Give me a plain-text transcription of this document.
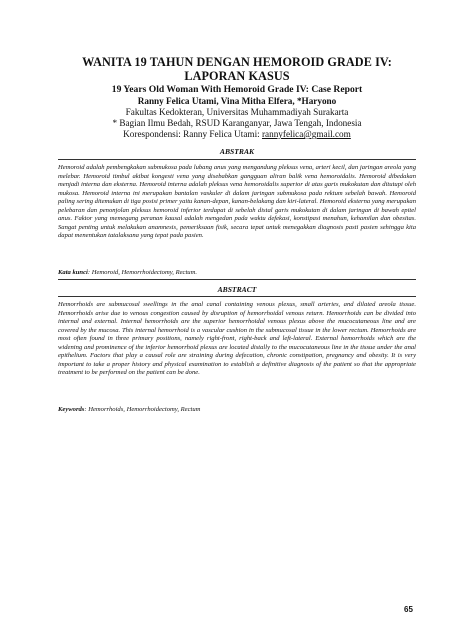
WANITA 19 TAHUN DENGAN HEMOROID GRADE IV: LAPORAN KASUS
19 Years Old Woman With Hemoroid Grade IV: Case Report
Ranny Felica Utami, Vina Mitha Elfera, *Haryono
Fakultas Kedokteran, Universitas Muhammadiyah Surakarta
* Bagian Ilmu Bedah, RSUD Karanganyar, Jawa Tengah, Indonesia
Korespondensi: Ranny Felica Utami: rannyfelica@gmail.com
ABSTRAK

Hemoroid adalah pembengkakan submukosa pada lubang anus yang mengandung pleksus vena, arteri kecil, dan jaringan areola yang melebar. Hemoroid timbul akibat kongesti vena yang disebabkan gangguan aliran balik vena hemoroidalis. Hemoroid dibedakan menjadi interna dan eksterna. Hemoroid interna adalah pleksus vena hemoroidalis superior di atas garis mukokutan dan ditutupi oleh mukosa. Hemoroid interna ini merupakan bantalan vaskuler di dalam jaringan submukosa pada rektum sebelah bawah. Hemoroid paling sering ditemukan di tiga posisi primer yaitu kanan-depan, kanan-belakang dan kiri-lateral. Hemoroid eksterna yang merupakan pelebaran dan penonjolan pleksus hemoroid inferior terdapat di sebelah distal garis mukokutan di dalam jaringan di bawah epitel anus. Faktor yang memegang peranan kausal adalah mengedan pada waktu defekasi, konstipasi menahun, kehamilan dan obesitas. Sangat penting untuk melakukan anamnesis, pemeriksaan fisik, secara tepat untuk menegakkan diagnosis pasti pasien sehingga kita dapat menentukan tatalaksana yang tepat pada pasien.

Kata kunci: Hemoroid, Hemorrhoidectomy, Rectum.
ABSTRACT

Hemorrhoids are submucosal swellings in the anal canal containing venous plexus, small arteries, and dilated areola tissue. Hemorrhoids arise due to venous congestion caused by disruption of hemorrhoidal venous return. Hemorrhoids can be divided into internal and external. Internal hemorrhoids are the superior hemorrhoidal venous plexus above the mucocutaneous line and are covered by the mucosa. This internal hemorrhoid is a vascular cushion in the submucosal tissue in the lower rectum. Hemorrhoids are most often found in three primary positions, namely right-front, right-back and left-lateral. External hemorrhoids which are the widening and prominence of the inferior hemorrhoid plexus are located distally to the mucocutaneous line in the tissue under the anal epithelium. Factors that play a causal role are straining during defecation, chronic constipation, pregnancy and obesity. It is very important to take a proper history and physical examination to establish a definitive diagnosis of the patient so that the appropriate treatment to be performed on the patient can be done.

Keywords: Hemorrhoids, Hemorrhoidectomy, Rectum
65
